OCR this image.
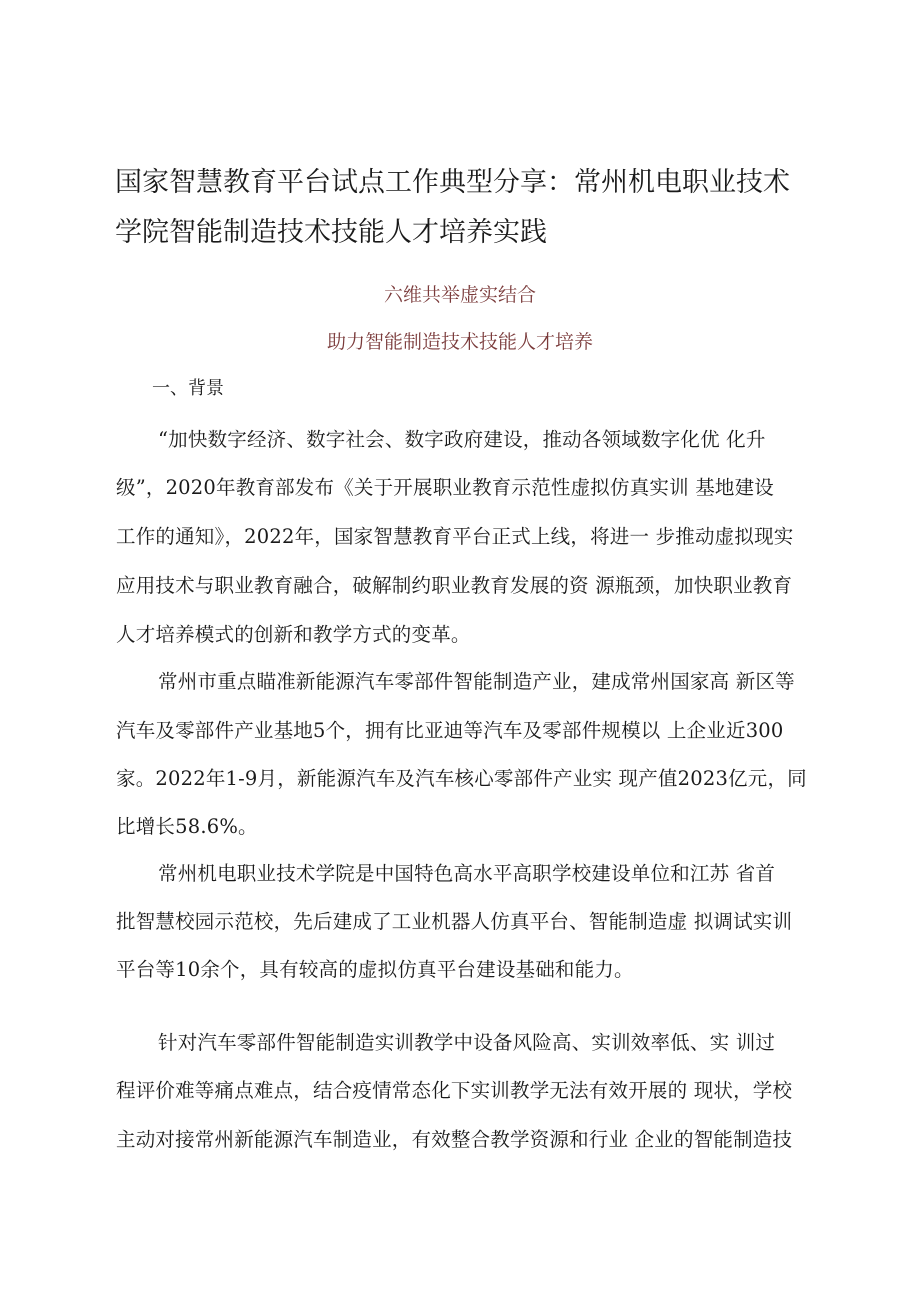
国家智慧教育平台试点工作典型分享：常州机电职业技术
学院智能制造技术技能人才培养实践
六维共举虚实结合
助力智能制造技术技能人才培养
一、背景
“加快数字经济、数字社会、数字政府建设，推动各领域数字化优 化升
级”，2020年教育部发布《关于开展职业教育示范性虚拟仿真实训 基地建设
工作的通知》，2022年，国家智慧教育平台正式上线，将进一 步推动虚拟现实
应用技术与职业教育融合，破解制约职业教育发展的资 源瓶颈，加快职业教育
人才培养模式的创新和教学方式的变革。
常州市重点瞄准新能源汽车零部件智能制造产业，建成常州国家高 新区等
汽车及零部件产业基地5个，拥有比亚迪等汽车及零部件规模以 上企业近300
家。2022年1-9月，新能源汽车及汽车核心零部件产业实 现产值2023亿元，同
比增长58.6%。
常州机电职业技术学院是中国特色高水平高职学校建设单位和江苏 省首
批智慧校园示范校，先后建成了工业机器人仿真平台、智能制造虚 拟调试实训
平台等10余个，具有较高的虚拟仿真平台建设基础和能力。
针对汽车零部件智能制造实训教学中设备风险高、实训效率低、实 训过
程评价难等痛点难点，结合疫情常态化下实训教学无法有效开展的 现状，学校
主动对接常州新能源汽车制造业，有效整合教学资源和行业 企业的智能制造技
